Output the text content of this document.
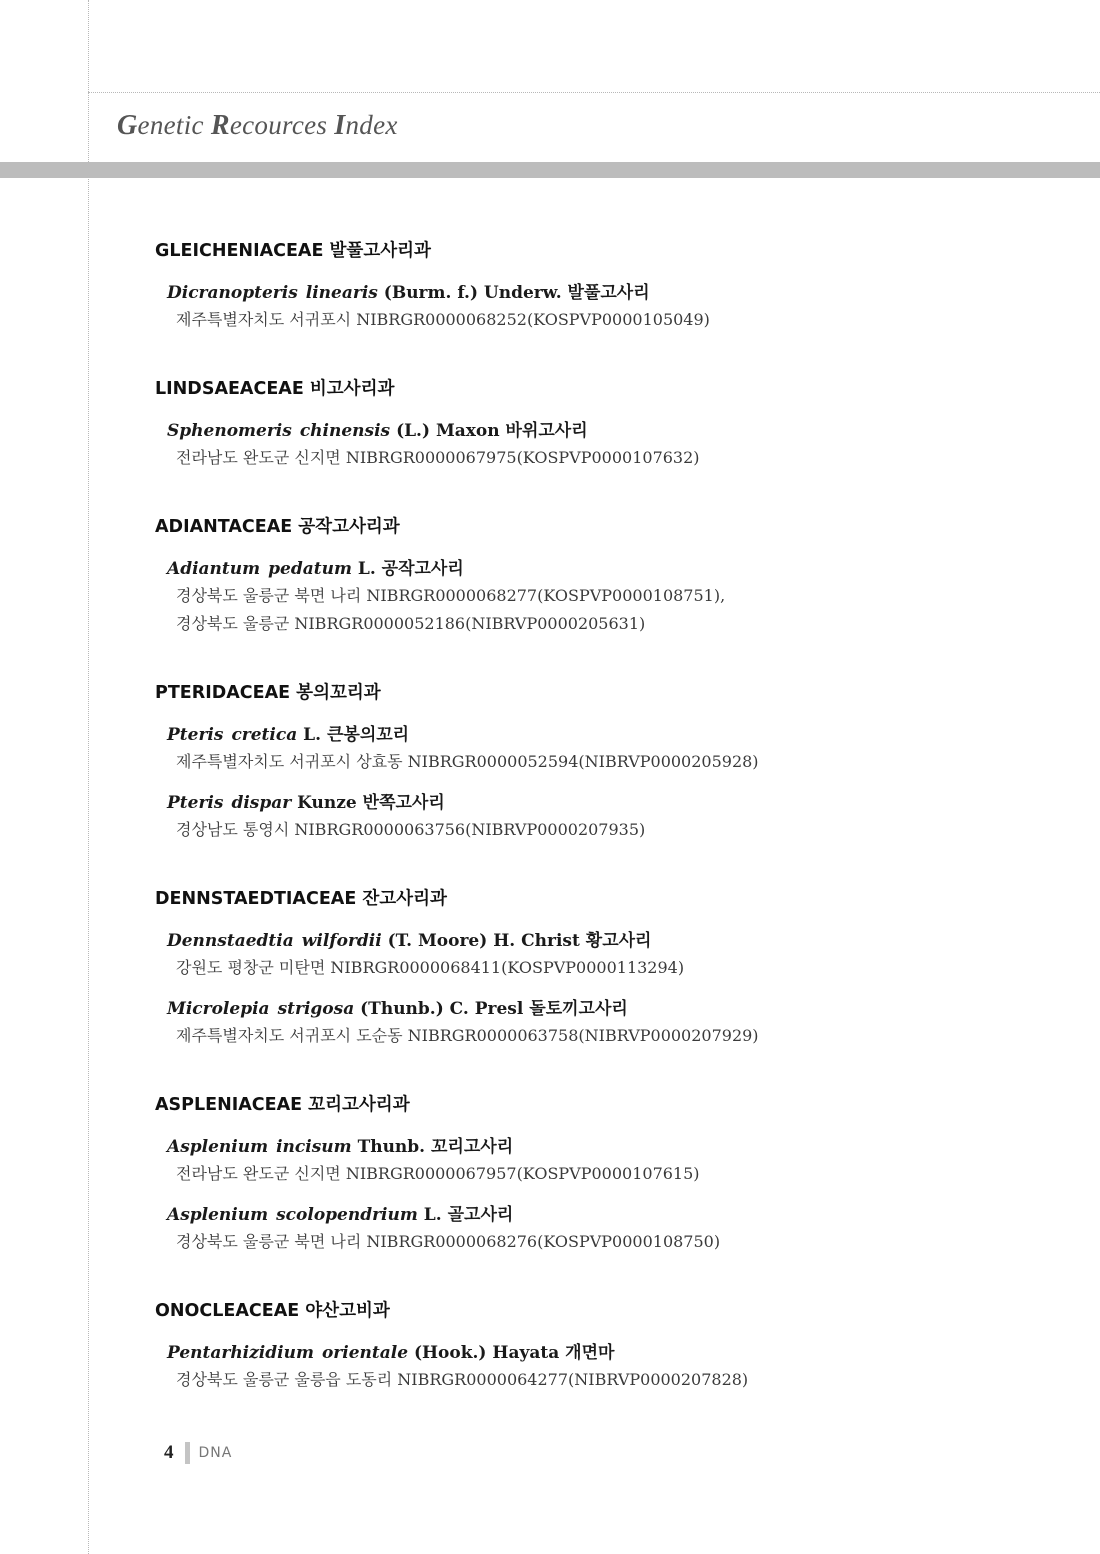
Genetic Recources Index
GLEICHENIACEAE 발풀고사리과
Dicranopteris linearis (Burm. f.) Underw. 발풀고사리
제주특별자치도 서귀포시 NIBRGR0000068252(KOSPVP0000105049)
LINDSAEACEAE 비고사리과
Sphenomeris chinensis (L.) Maxon 바위고사리
전라남도 완도군 신지면 NIBRGR0000067975(KOSPVP0000107632)
ADIANTACEAE 공작고사리과
Adiantum pedatum L. 공작고사리
경상북도 울릉군 북면 나리 NIBRGR0000068277(KOSPVP0000108751),
경상북도 울릉군 NIBRGR0000052186(NIBRVP0000205631)
PTERIDACEAE 봉의꼬리과
Pteris cretica L. 큰봉의꼬리
제주특별자치도 서귀포시 상효동 NIBRGR0000052594(NIBRVP0000205928)
Pteris dispar Kunze 반쪽고사리
경상남도 통영시 NIBRGR0000063756(NIBRVP0000207935)
DENNSTAEDTIACEAE 잔고사리과
Dennstaedtia wilfordii (T. Moore) H. Christ 황고사리
강원도 평창군 미탄면 NIBRGR0000068411(KOSPVP0000113294)
Microlepia strigosa (Thunb.) C. Presl 돌토끼고사리
제주특별자치도 서귀포시 도순동 NIBRGR0000063758(NIBRVP0000207929)
ASPLENIACEAE 꼬리고사리과
Asplenium incisum Thunb. 꼬리고사리
전라남도 완도군 신지면 NIBRGR0000067957(KOSPVP0000107615)
Asplenium scolopendrium L. 골고사리
경상북도 울릉군 북면 나리 NIBRGR0000068276(KOSPVP0000108750)
ONOCLEACEAE 야산고비과
Pentarhizidium orientale (Hook.) Hayata 개면마
경상북도 울릉군 울릉읍 도동리 NIBRGR0000064277(NIBRVP0000207828)
4 DNA
